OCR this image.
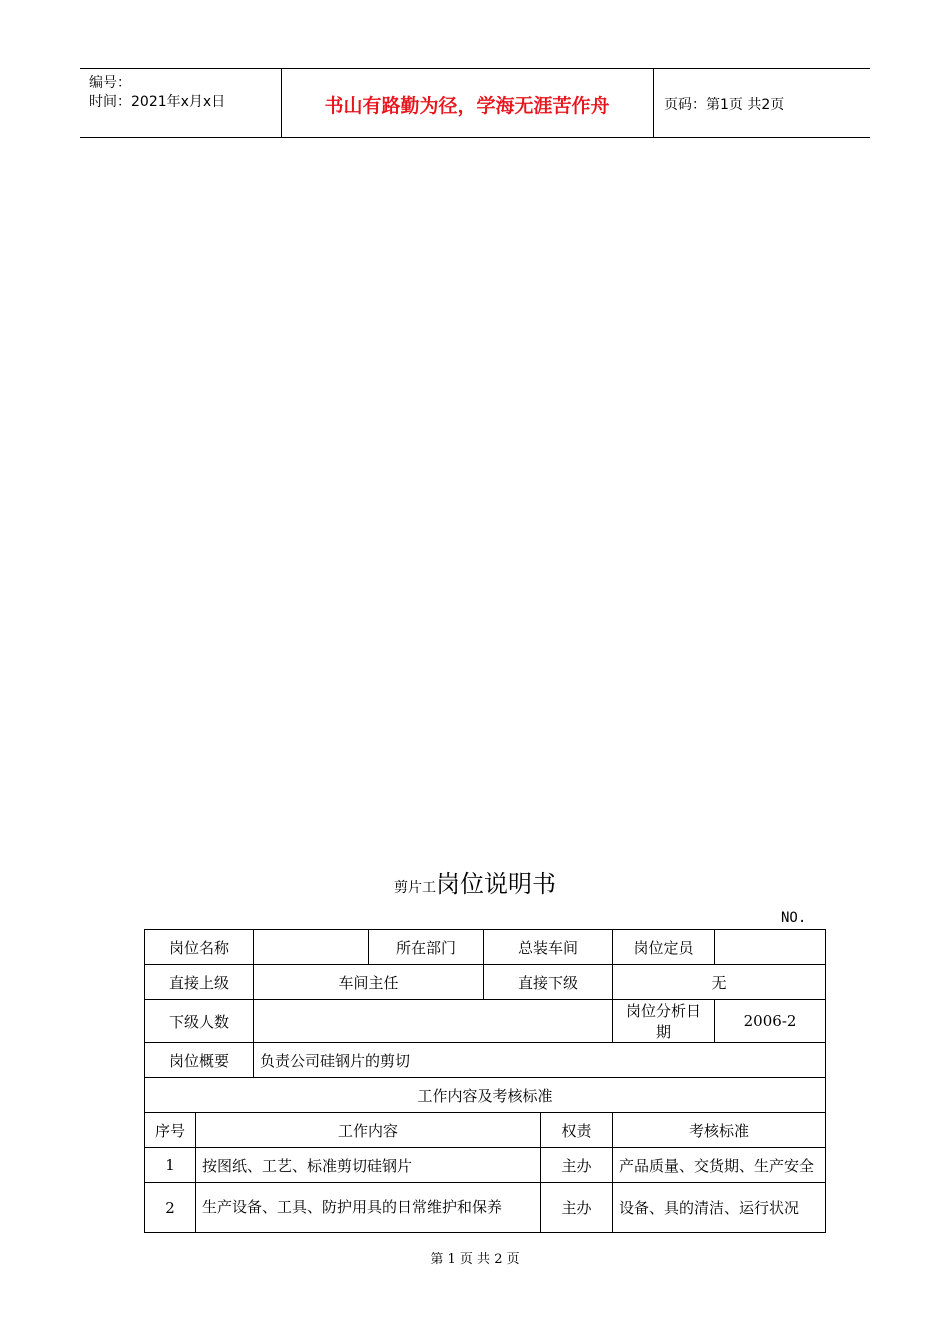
编号：
时间：2021年x月x日	书山有路勤为径，学海无涯苦作舟	页码：第1页 共2页
剪片工岗位说明书
NO.
岗位名称			所在部门	总装车间		岗位定员	
直接上级		车间主任		直接下级		无	
下级人数						岗位分析日期	2006-2
岗位概要		负责公司硅钢片的剪切					
工作内容及考核标准							
序号	工作内容				权责	考核标准	
1	按图纸、工艺、标准剪切硅钢片				主办	产品质量、交货期、生产安全	
2	生产设备、工具、防护用具的日常维护和保养				主办	设备、具的清洁、运行状况	
第 1 页 共 2 页
